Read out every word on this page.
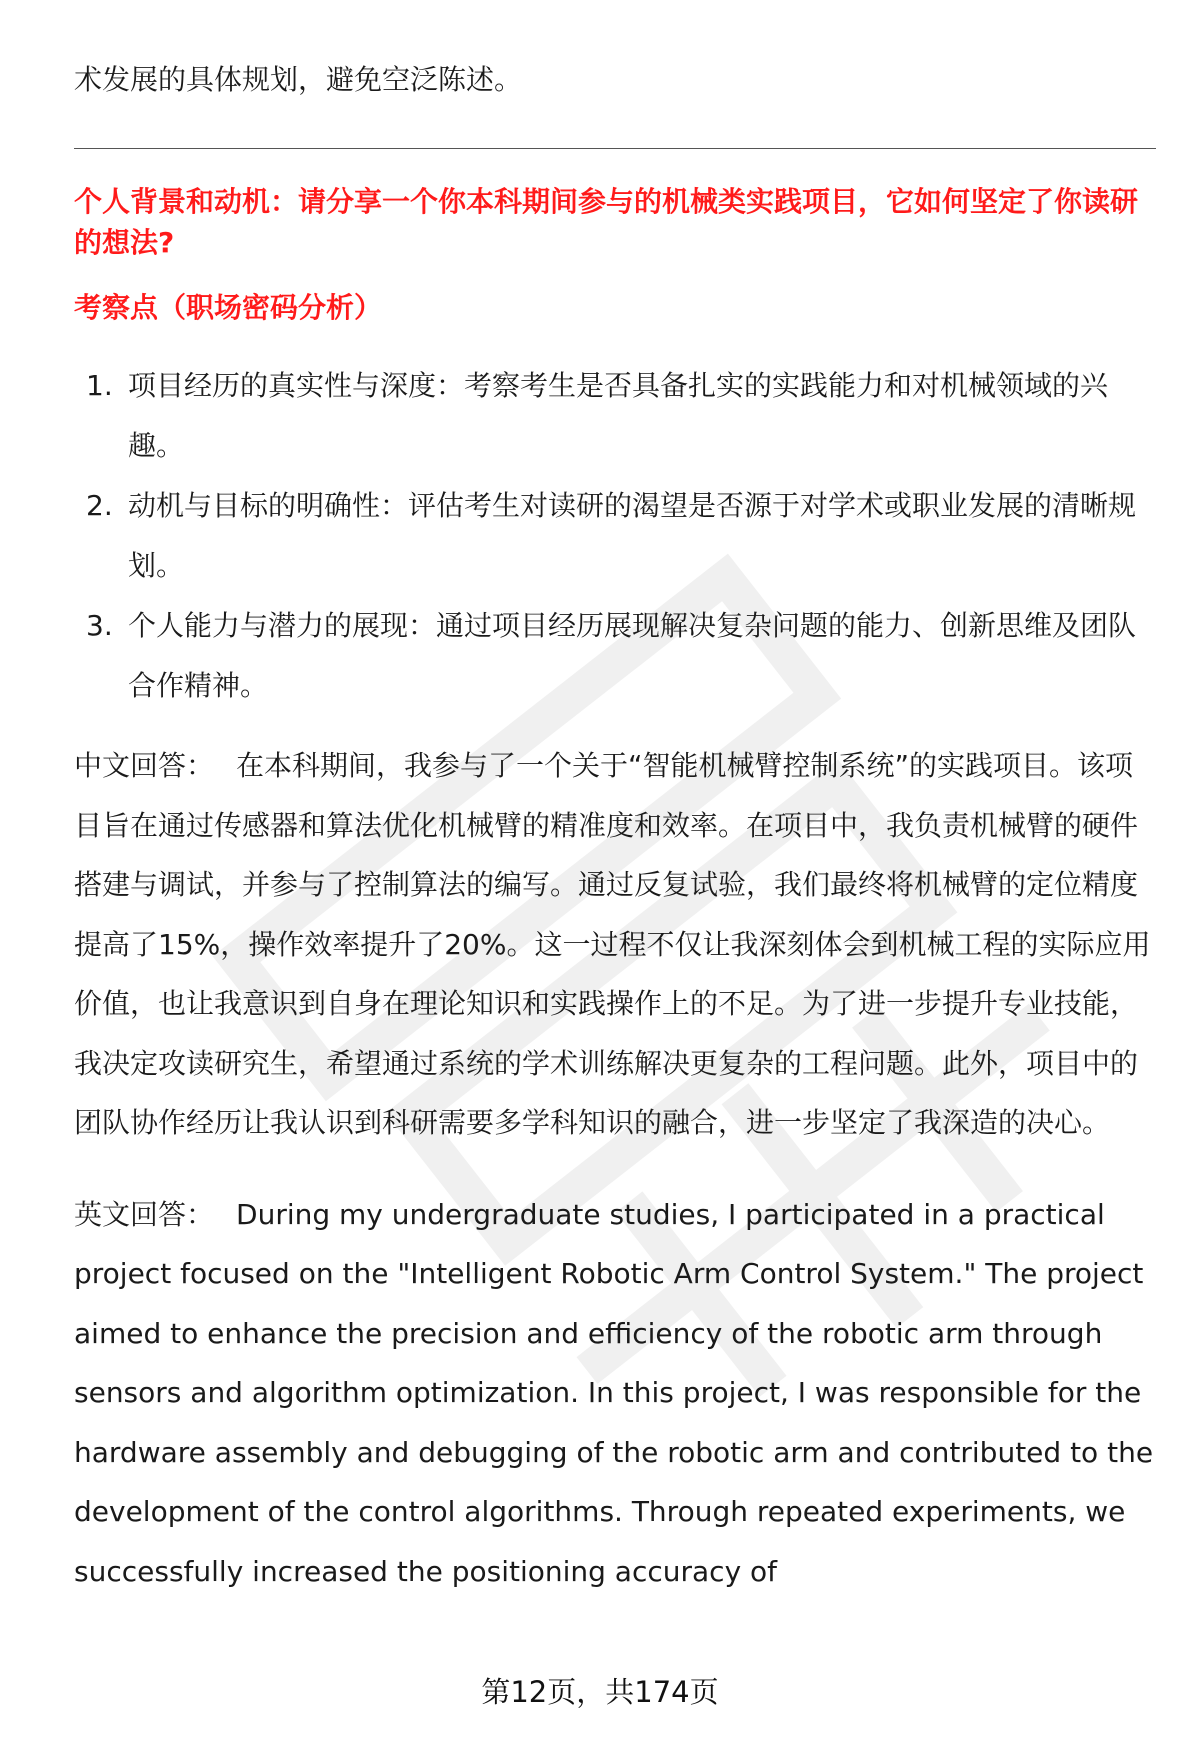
术发展的具体规划，避免空泛陈述。

个人背景和动机：请分享一个你本科期间参与的机械类实践项目，它如何坚定了你读研的想法?

考察点（职场密码分析）

1. 项目经历的真实性与深度：考察考生是否具备扎实的实践能力和对机械领域的兴趣。
2. 动机与目标的明确性：评估考生对读研的渴望是否源于对学术或职业发展的清晰规划。
3. 个人能力与潜力的展现：通过项目经历展现解决复杂问题的能力、创新思维及团队合作精神。

中文回答： 在本科期间，我参与了一个关于“智能机械臂控制系统”的实践项目。该项目旨在通过传感器和算法优化机械臂的精准度和效率。在项目中，我负责机械臂的硬件搭建与调试，并参与了控制算法的编写。通过反复试验，我们最终将机械臂的定位精度提高了15%，操作效率提升了20%。这一过程不仅让我深刻体会到机械工程的实际应用价值，也让我意识到自身在理论知识和实践操作上的不足。为了进一步提升专业技能，我决定攻读研究生，希望通过系统的学术训练解决更复杂的工程问题。此外，项目中的团队协作经历让我认识到科研需要多学科知识的融合，进一步坚定了我深造的决心。

英文回答： During my undergraduate studies, I participated in a practical project focused on the "Intelligent Robotic Arm Control System." The project aimed to enhance the precision and efficiency of the robotic arm through sensors and algorithm optimization. In this project, I was responsible for the hardware assembly and debugging of the robotic arm and contributed to the development of the control algorithms. Through repeated experiments, we successfully increased the positioning accuracy of

第12页，共174页
